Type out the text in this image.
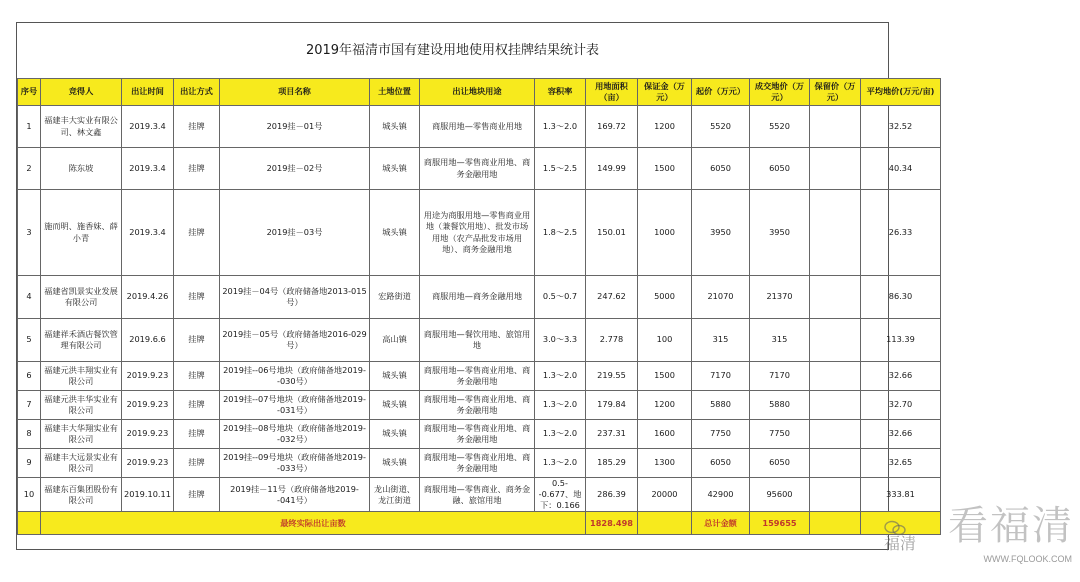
2019年福清市国有建设用地使用权挂牌结果统计表
序号	竞得人	出让时间	出让方式	项目名称	土地位置	出让地块用途	容积率	用地面积（亩）	保证金（万元）	起价（万元）	成交地价（万元）	保留价（万元）	平均地价(万元/亩)
1	福建丰大实业有限公司、林文鑫	2019.3.4	挂牌	2019挂－01号	城头镇	商服用地—零售商业用地	1.3～2.0	169.72	1200	5520	5520		32.52
2	陈东坡	2019.3.4	挂牌	2019挂－02号	城头镇	商服用地—零售商业用地、商务金融用地	1.5～2.5	149.99	1500	6050	6050		40.34
3	施而明、施香妹、薛小青	2019.3.4	挂牌	2019挂－03号	城头镇	用途为商服用地—零售商业用地（兼餐饮用地）、批发市场用地（农产品批发市场用地）、商务金融用地	1.8～2.5	150.01	1000	3950	3950		26.33
4	福建省凯景实业发展有限公司	2019.4.26	挂牌	2019挂－04号（政府储备地2013-015号）	宏路街道	商服用地—商务金融用地	0.5～0.7	247.62	5000	21070	21370		86.30
5	福建祥禾酒店餐饮管理有限公司	2019.6.6	挂牌	2019挂－05号（政府储备地2016-029号）	高山镇	商服用地—餐饮用地、旅馆用地	3.0～3.3	2.778	100	315	315		113.39
6	福建元洪丰翔实业有限公司	2019.9.23	挂牌	2019挂--06号地块（政府储备地2019--030号）	城头镇	商服用地—零售商业用地、商务金融用地	1.3～2.0	219.55	1500	7170	7170		32.66
7	福建元洪丰华实业有限公司	2019.9.23	挂牌	2019挂--07号地块（政府储备地2019--031号）	城头镇	商服用地—零售商业用地、商务金融用地	1.3～2.0	179.84	1200	5880	5880		32.70
8	福建丰大华翔实业有限公司	2019.9.23	挂牌	2019挂--08号地块（政府储备地2019--032号）	城头镇	商服用地—零售商业用地、商务金融用地	1.3～2.0	237.31	1600	7750	7750		32.66
9	福建丰大远景实业有限公司	2019.9.23	挂牌	2019挂--09号地块（政府储备地2019--033号）	城头镇	商服用地—零售商业用地、商务金融用地	1.3～2.0	185.29	1300	6050	6050		32.65
10	福建东百集团股份有限公司	2019.10.11	挂牌	2019挂－11号（政府储备地2019--041号）	龙山街道、龙江街道	商服用地—零售商业、商务金融、旅馆用地	0.5--0.677、地下：0.166	286.39	20000	42900	95600		333.81
	最终实际出让亩数							1828.498		总计金额	159655			看福清
福清
WWW.FQLOOK.COM
